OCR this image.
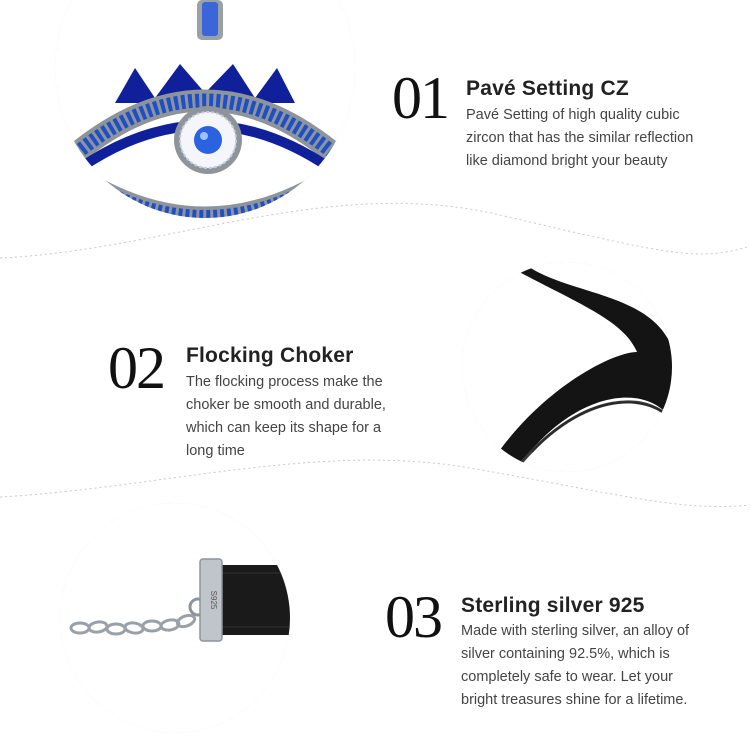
S925
01 Pavé Setting CZ
Pavé Setting of high quality cubic
zircon that has the similar reflection
like diamond bright your beauty
02 Flocking Choker
The flocking process make the
choker be smooth and durable,
which can keep its shape for a
long time
03 Sterling silver 925
Made with sterling silver, an alloy of
silver containing 92.5%, which is
completely safe to wear. Let your
bright treasures shine for a lifetime.
